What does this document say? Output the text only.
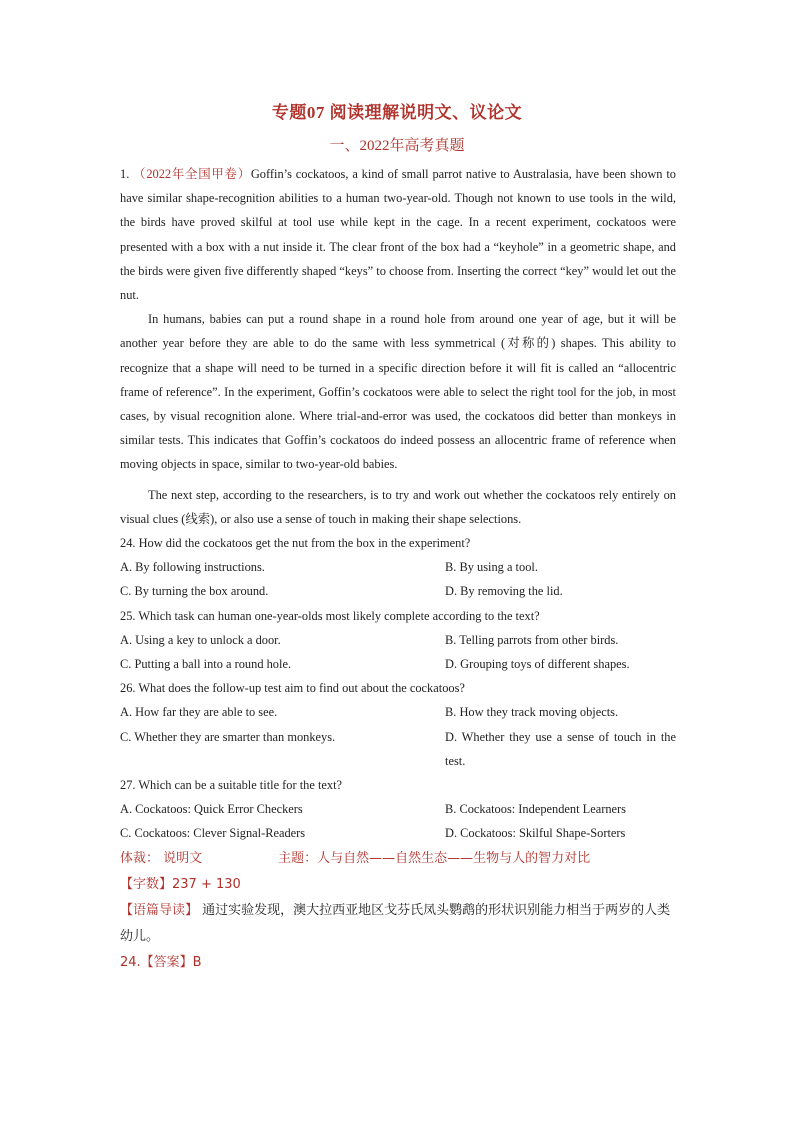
专题07 阅读理解说明文、议论文
一、2022年高考真题

1. （2022年全国甲卷）Goffin’s cockatoos, a kind of small parrot native to Australasia, have been shown to have similar shape-recognition abilities to a human two-year-old. Though not known to use tools in the wild, the birds have proved skilful at tool use while kept in the cage. In a recent experiment, cockatoos were presented with a box with a nut inside it. The clear front of the box had a “keyhole” in a geometric shape, and the birds were given five differently shaped “keys” to choose from. Inserting the correct “key” would let out the nut.

In humans, babies can put a round shape in a round hole from around one year of age, but it will be another year before they are able to do the same with less symmetrical (对称的) shapes. This ability to recognize that a shape will need to be turned in a specific direction before it will fit is called an “allocentric frame of reference”. In the experiment, Goffin’s cockatoos were able to select the right tool for the job, in most cases, by visual recognition alone. Where trial-and-error was used, the cockatoos did better than monkeys in similar tests. This indicates that Goffin’s cockatoos do indeed possess an allocentric frame of reference when moving objects in space, similar to two-year-old babies.

The next step, according to the researchers, is to try and work out whether the cockatoos rely entirely on visual clues (线索), or also use a sense of touch in making their shape selections.

24. How did the cockatoos get the nut from the box in the experiment?

A. By following instructions.	B. By using a tool.

C. By turning the box around.	D. By removing the lid.

25. Which task can human one-year-olds most likely complete according to the text?

A. Using a key to unlock a door.	B. Telling parrots from other birds.

C. Putting a ball into a round hole.	D. Grouping toys of different shapes.

26. What does the follow-up test aim to find out about the cockatoos?

A. How far they are able to see.	B. How they track moving objects.

C. Whether they are smarter than monkeys.	D. Whether they use a sense of touch in the test.

27. Which can be a suitable title for the text?

A. Cockatoos: Quick Error Checkers	B. Cockatoos: Independent Learners

C. Cockatoos: Clever Signal-Readers	D. Cockatoos: Skilful Shape-Sorters

体裁： 说明文	主题：人与自然——自然生态——生物与人的智力对比
【字数】237 + 130
【语篇导读】 通过实验发现，澳大拉西亚地区戈芬氏凤头鹦鹉的形状识别能力相当于两岁的人类幼儿。
24.【答案】B
